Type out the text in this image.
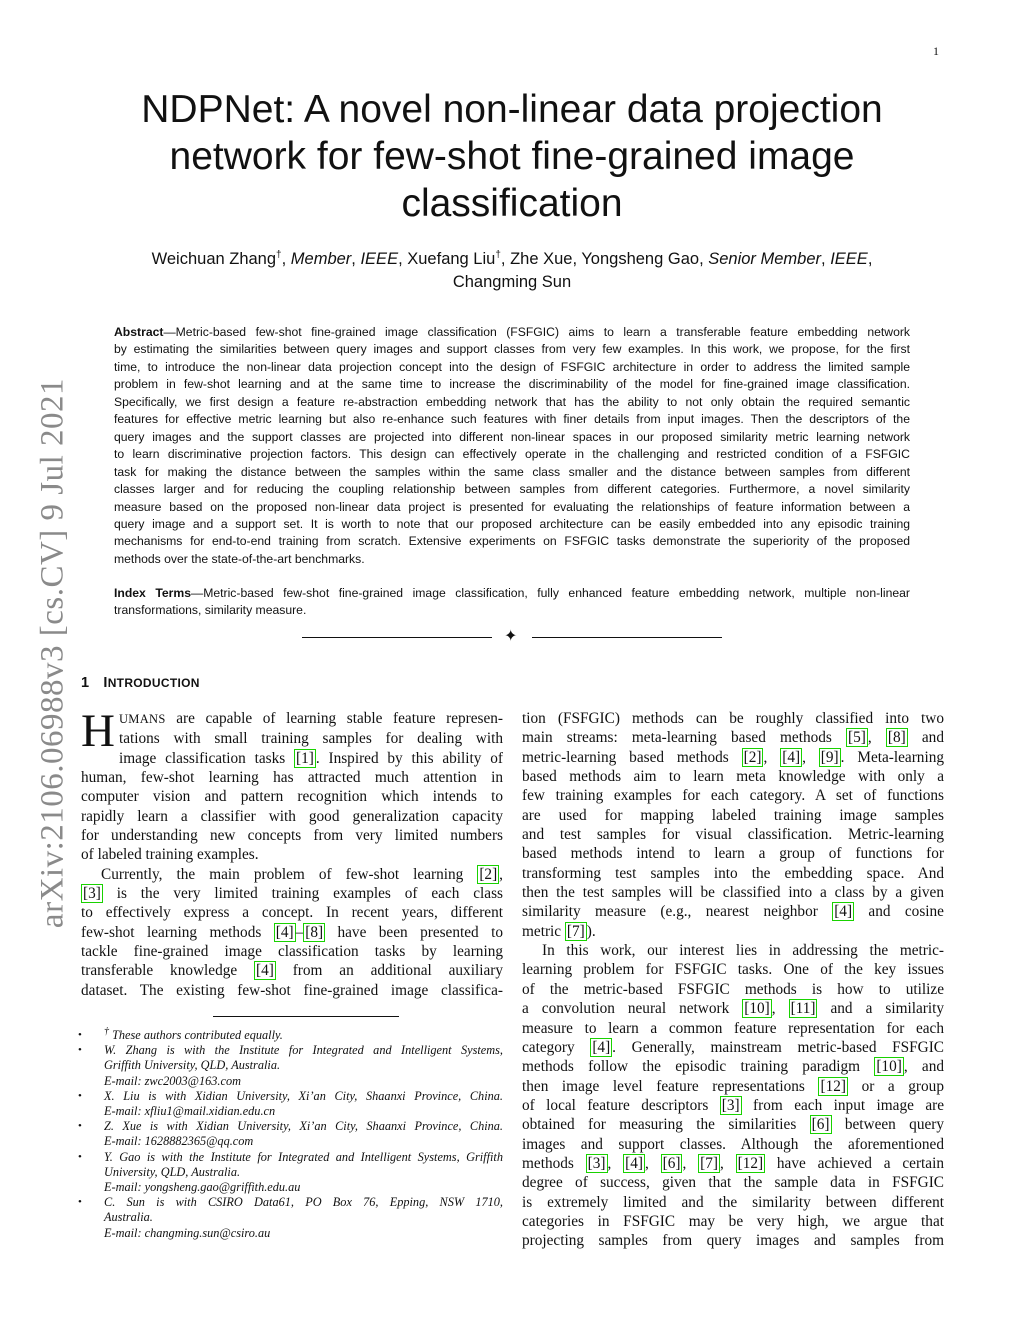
1
arXiv:2106.06988v3 [cs.CV] 9 Jul 2021
NDPNet: A novel non-linear data projection
network for few-shot fine-grained image
classification
Weichuan Zhang†, Member, IEEE, Xuefang Liu†, Zhe Xue, Yongsheng Gao, Senior Member, IEEE,
Changming Sun
Abstract—Metric-based few-shot fine-grained image classification (FSFGIC) aims to learn a transferable feature embedding network
by estimating the similarities between query images and support classes from very few examples. In this work, we propose, for the first
time, to introduce the non-linear data projection concept into the design of FSFGIC architecture in order to address the limited sample
problem in few-shot learning and at the same time to increase the discriminability of the model for fine-grained image classification.
Specifically, we first design a feature re-abstraction embedding network that has the ability to not only obtain the required semantic
features for effective metric learning but also re-enhance such features with finer details from input images. Then the descriptors of the
query images and the support classes are projected into different non-linear spaces in our proposed similarity metric learning network
to learn discriminative projection factors. This design can effectively operate in the challenging and restricted condition of a FSFGIC
task for making the distance between the samples within the same class smaller and the distance between samples from different
classes larger and for reducing the coupling relationship between samples from different categories. Furthermore, a novel similarity
measure based on the proposed non-linear data project is presented for evaluating the relationships of feature information between a
query image and a support set. It is worth to note that our proposed architecture can be easily embedded into any episodic training
mechanisms for end-to-end training from scratch. Extensive experiments on FSFGIC tasks demonstrate the superiority of the proposed
methods over the state-of-the-art benchmarks.
Index Terms—Metric-based few-shot fine-grained image classification, fully enhanced feature embedding network, multiple non-linear
transformations, similarity measure.
✦
1 INTRODUCTION
H UMANS are capable of learning stable feature represen-
tations with small training samples for dealing with
image classification tasks [1] . Inspired by this ability of
human, few-shot learning has attracted much attention in
computer vision and pattern recognition which intends to
rapidly learn a classifier with good generalization capacity
for understanding new concepts from very limited numbers
of labeled training examples.
Currently, the main problem of few-shot learning [2] ,
[3] is the very limited training examples of each class
to effectively express a concept. In recent years, different
few-shot learning methods [4] – [8] have been presented to
tackle fine-grained image classification tasks by learning
transferable knowledge [4] from an additional auxiliary
dataset. The existing few-shot fine-grained image classifica-
• † These authors contributed equally.
• W. Zhang is with the Institute for Integrated and Intelligent Systems,
Griffith University, QLD, Australia.
E-mail: zwc2003@163.com
• X. Liu is with Xidian University, Xi’an City, Shaanxi Province, China.
E-mail: xfliu1@mail.xidian.edu.cn
• Z. Xue is with Xidian University, Xi’an City, Shaanxi Province, China.
E-mail: 1628882365@qq.com
• Y. Gao is with the Institute for Integrated and Intelligent Systems, Griffith
University, QLD, Australia.
E-mail: yongsheng.gao@griffith.edu.au
• C. Sun is with CSIRO Data61, PO Box 76, Epping, NSW 1710,
Australia.
E-mail: changming.sun@csiro.au
tion (FSFGIC) methods can be roughly classified into two
main streams: meta-learning based methods [5] , [8] and
metric-learning based methods [2] , [4] , [9] . Meta-learning
based methods aim to learn meta knowledge with only a
few training examples for each category. A set of functions
are used for mapping labeled training image samples
and test samples for visual classification. Metric-learning
based methods intend to learn a group of functions for
transforming test samples into the embedding space. And
then the test samples will be classified into a class by a given
similarity measure (e.g., nearest neighbor [4] and cosine
metric [7] ).
In this work, our interest lies in addressing the metric-
learning problem for FSFGIC tasks. One of the key issues
of the metric-based FSFGIC methods is how to utilize
a convolution neural network [10] , [11] and a similarity
measure to learn a common feature representation for each
category [4] . Generally, mainstream metric-based FSFGIC
methods follow the episodic training paradigm [10] , and
then image level feature representations [12] or a group
of local feature descriptors [3] from each input image are
obtained for measuring the similarities [6] between query
images and support classes. Although the aforementioned
methods [3] , [4] , [6] , [7] , [12] have achieved a certain
degree of success, given that the sample data in FSFGIC
is extremely limited and the similarity between different
categories in FSFGIC may be very high, we argue that
projecting samples from query images and samples from
